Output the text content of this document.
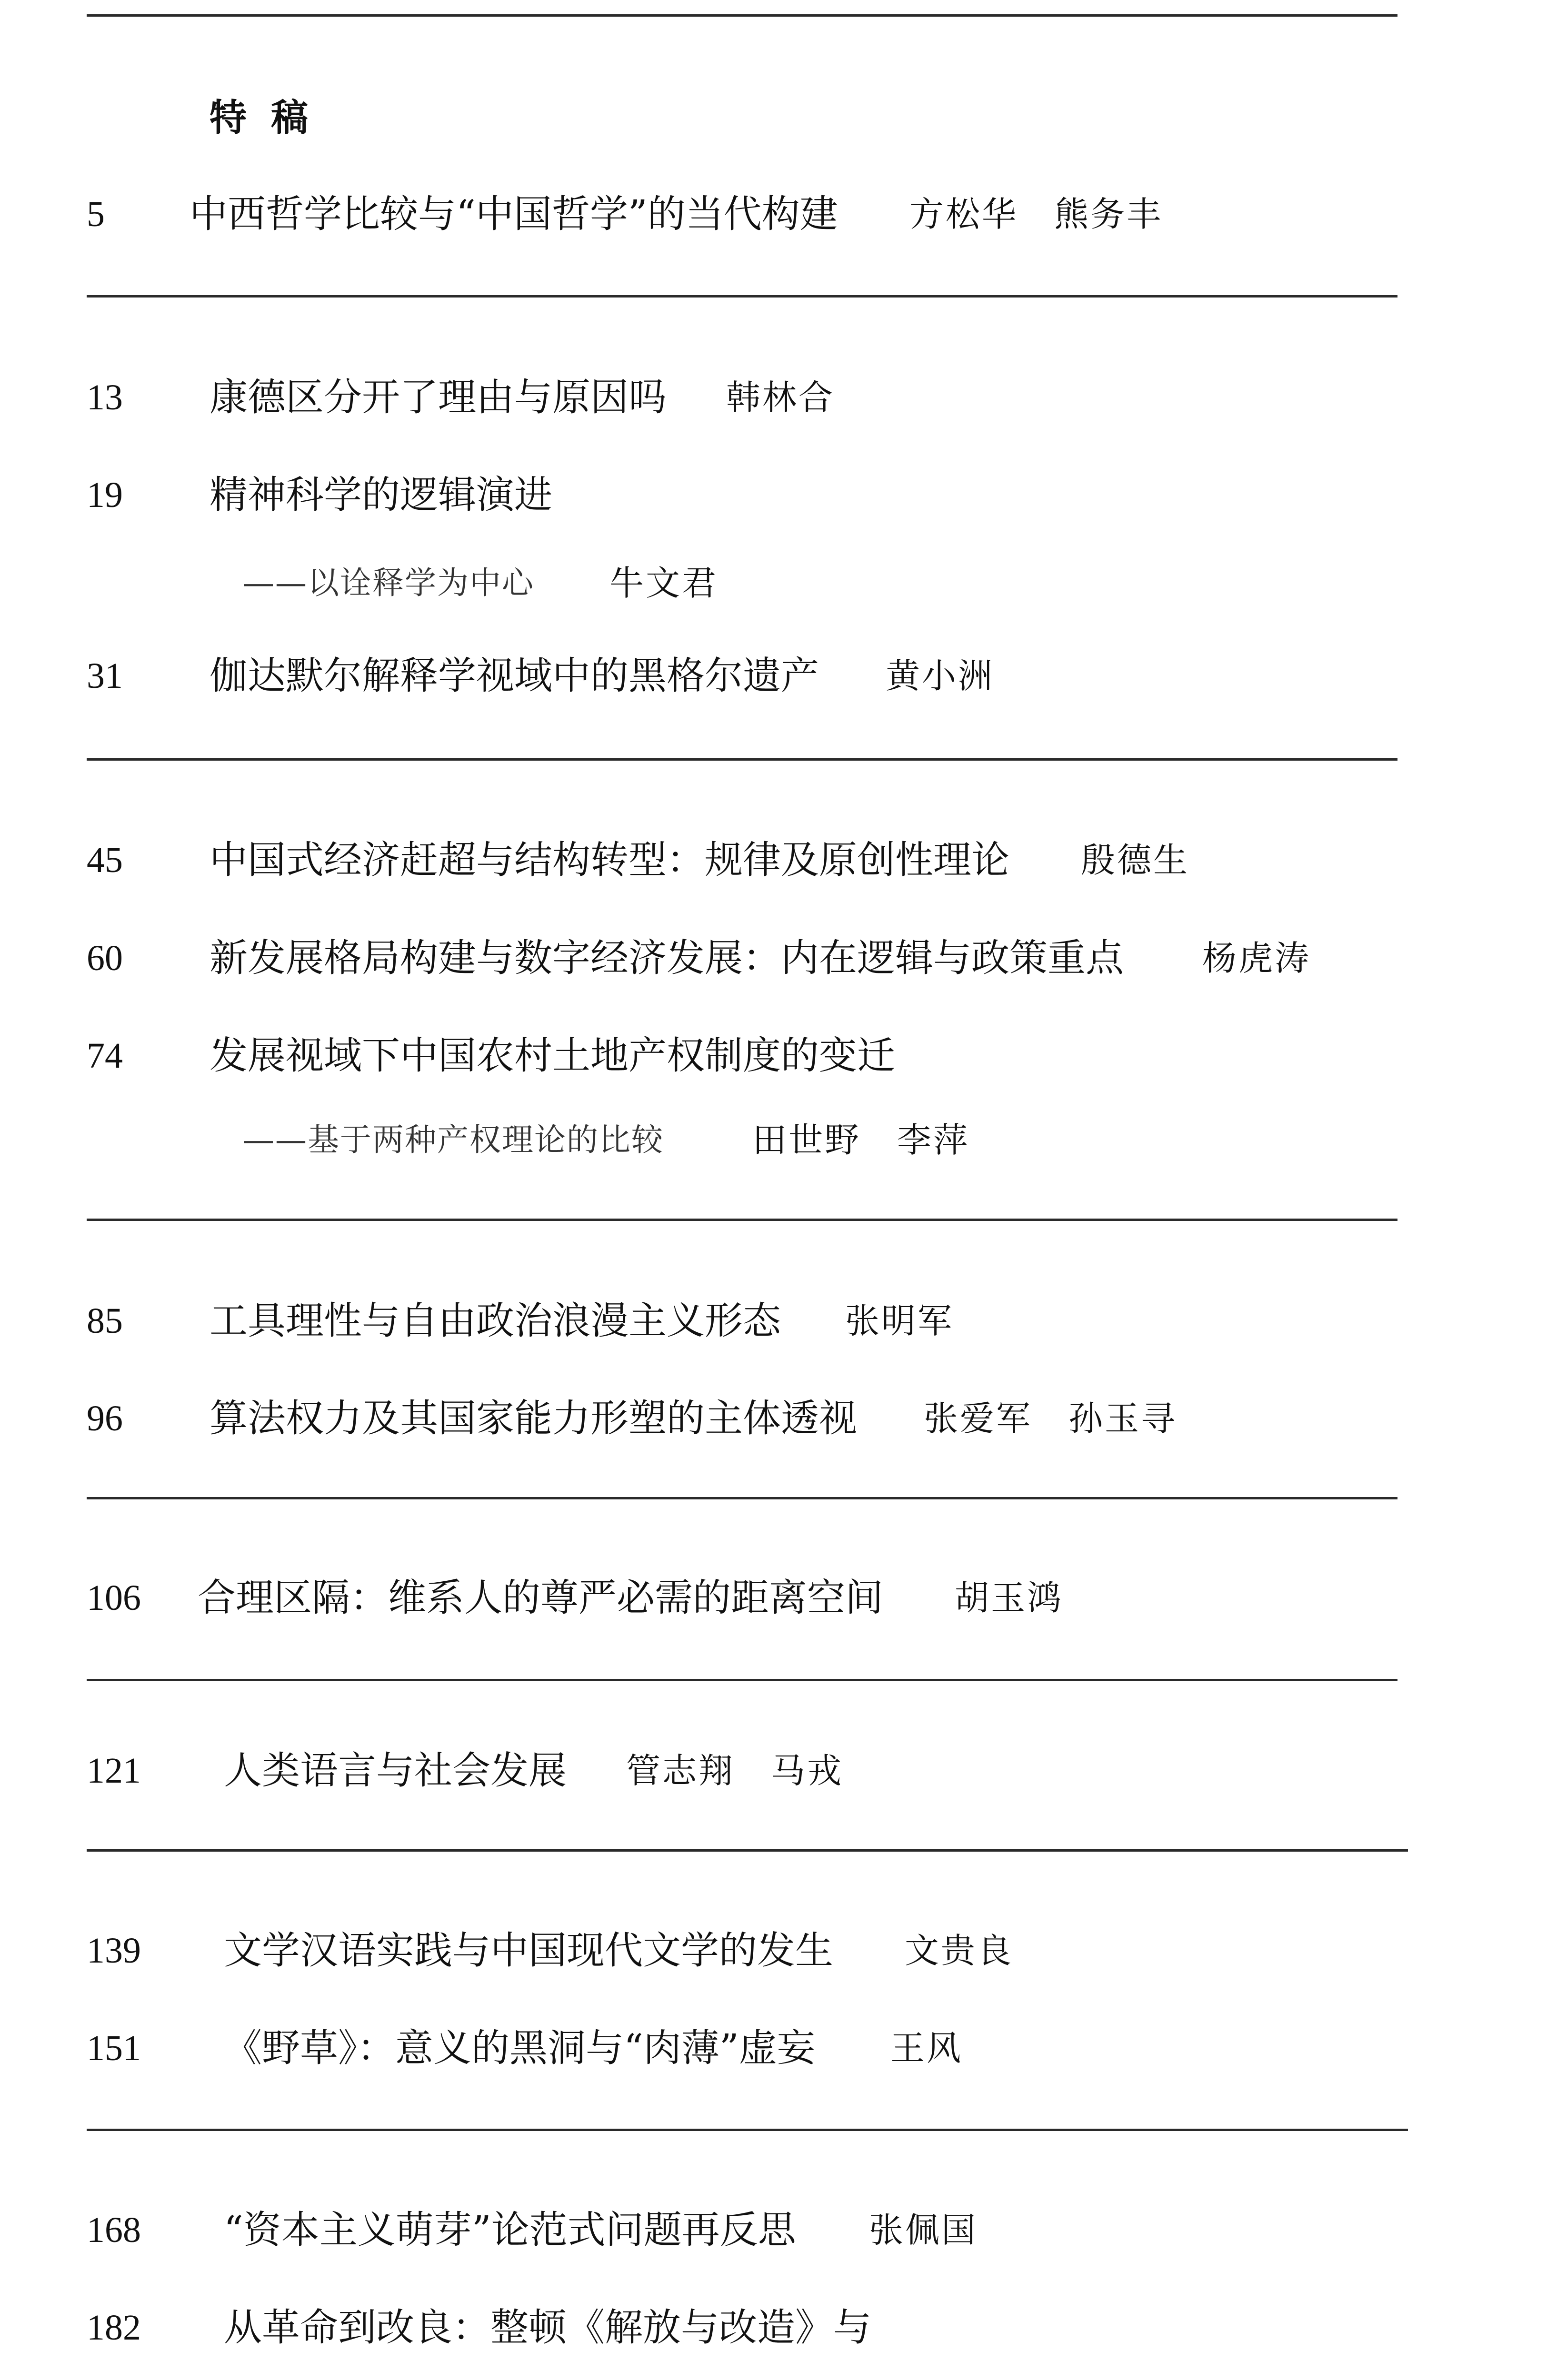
特 稿
5 中西哲学比较与“中国哲学”的当代构建 方松华　熊务丰
13 康德区分开了理由与原因吗 韩林合
19 精神科学的逻辑演进
——以诠释学为中心 牛文君
31 伽达默尔解释学视域中的黑格尔遗产 黄小洲
45 中国式经济赶超与结构转型：规律及原创性理论 殷德生
60 新发展格局构建与数字经济发展：内在逻辑与政策重点 杨虎涛
74 发展视域下中国农村土地产权制度的变迁
——基于两种产权理论的比较	田世野　李萍
85 工具理性与自由政治浪漫主义形态 张明军
96 算法权力及其国家能力形塑的主体透视 张爱军　孙玉寻
106 合理区隔：维系人的尊严必需的距离空间 胡玉鸿
121 人类语言与社会发展 管志翔　马戎
139 文学汉语实践与中国现代文学的发生 文贵良
151 《野草》：意义的黑洞与“肉薄”虚妄 王风
168 “资本主义萌芽”论范式问题再反思 张佩国
182 从革命到改良：整顿《解放与改造》与
